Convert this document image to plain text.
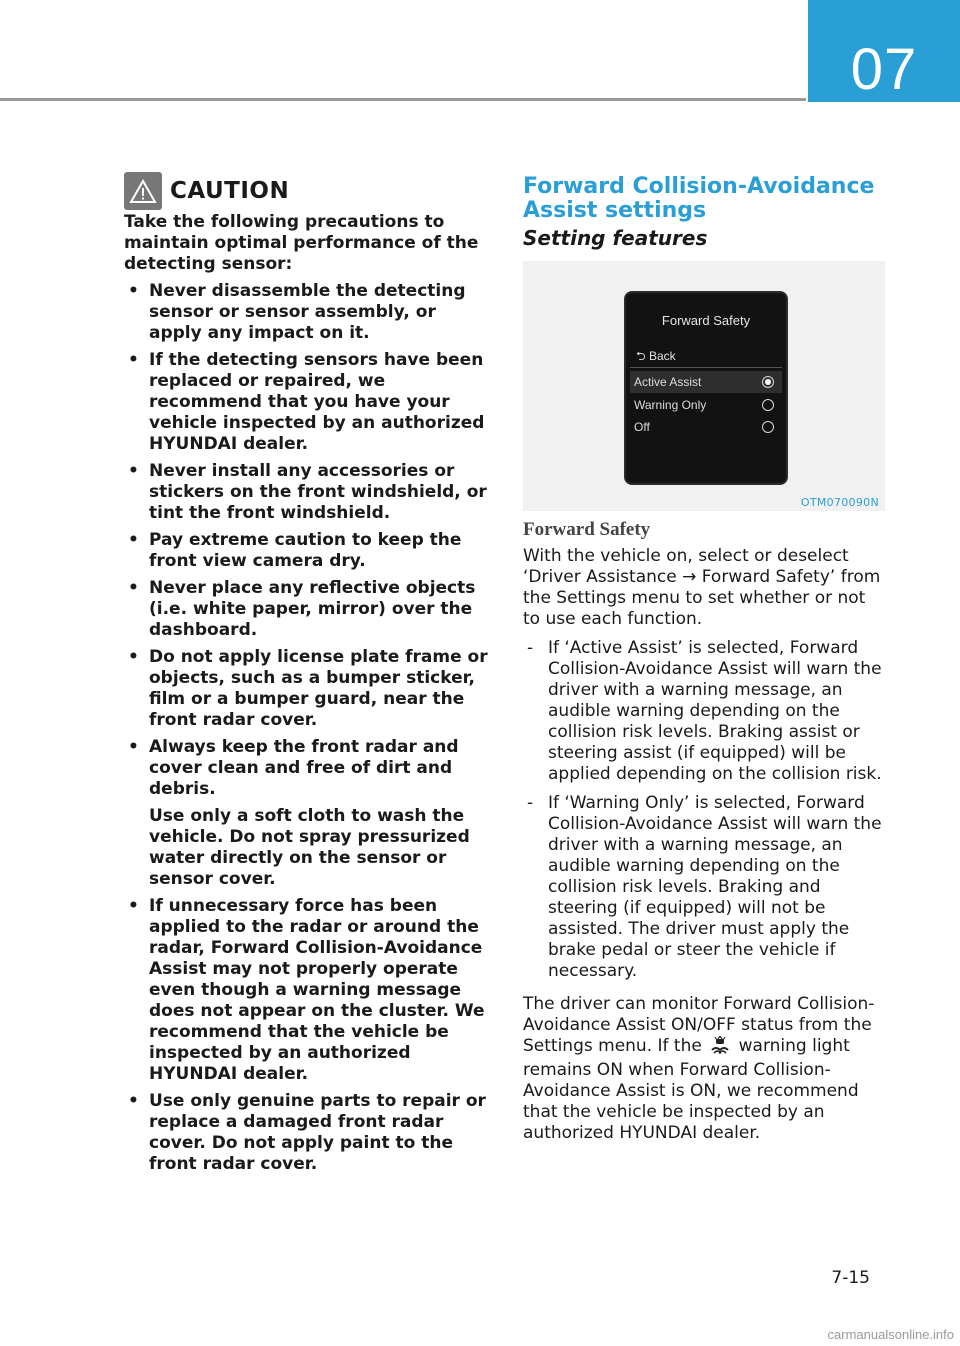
07
CAUTION

Take the following precautions to maintain optimal performance of the detecting sensor:

• Never disassemble the detecting sensor or sensor assembly, or apply any impact on it.
• If the detecting sensors have been replaced or repaired, we recommend that you have your vehicle inspected by an authorized HYUNDAI dealer.
• Never install any accessories or stickers on the front windshield, or tint the front windshield.
• Pay extreme caution to keep the front view camera dry.
• Never place any reflective objects (i.e. white paper, mirror) over the dashboard.
• Do not apply license plate frame or objects, such as a bumper sticker, film or a bumper guard, near the front radar cover.
• Always keep the front radar and cover clean and free of dirt and debris.
Use only a soft cloth to wash the vehicle. Do not spray pressurized water directly on the sensor or sensor cover.
• If unnecessary force has been applied to the radar or around the radar, Forward Collision-Avoidance Assist may not properly operate even though a warning message does not appear on the cluster. We recommend that the vehicle be inspected by an authorized HYUNDAI dealer.
• Use only genuine parts to repair or replace a damaged front radar cover. Do not apply paint to the front radar cover.
Forward Collision-Avoidance Assist settings
Setting features
Forward Safety
⮌ Back
Active Assist
Warning Only
Off
OTM070090N
Forward Safety

With the vehicle on, select or deselect ‘Driver Assistance → Forward Safety’ from the Settings menu to set whether or not to use each function.

- If ‘Active Assist’ is selected, Forward Collision-Avoidance Assist will warn the driver with a warning message, an audible warning depending on the collision risk levels. Braking assist or steering assist (if equipped) will be applied depending on the collision risk.
- If ‘Warning Only’ is selected, Forward Collision-Avoidance Assist will warn the driver with a warning message, an audible warning depending on the collision risk levels. Braking and steering (if equipped) will not be assisted. The driver must apply the brake pedal or steer the vehicle if necessary.

The driver can monitor Forward Collision-Avoidance Assist ON/OFF status from the Settings menu. If the warning light remains ON when Forward Collision-Avoidance Assist is ON, we recommend that the vehicle be inspected by an authorized HYUNDAI dealer.

7-15
carmanualsonline.info
